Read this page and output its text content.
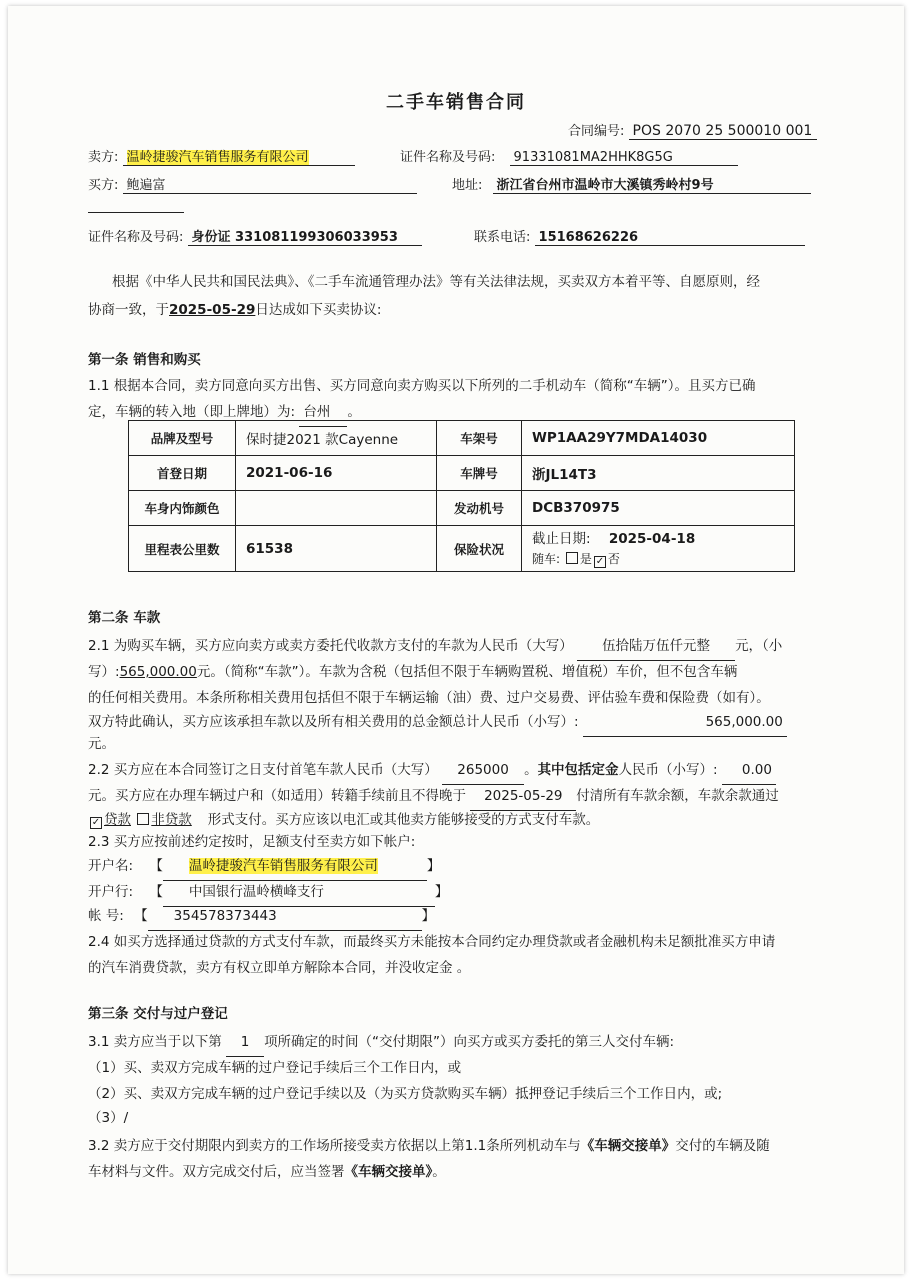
二手车销售合同
合同编号: POS 2070 25 500010 001
卖方: 温岭捷骏汽车销售服务有限公司	证件名称及号码: 91331081MA2HHK8G5G
买方: 鲍遍富	地址: 浙江省台州市温岭市大溪镇秀岭村9号
证件名称及号码: 身份证 331081199306033953	联系电话: 15168626226
根据《中华人民共和国民法典》、《二手车流通管理办法》等有关法律法规，买卖双方本着平等、自愿原则，经
协商一致，于2025-05-29日达成如下买卖协议:
第一条 销售和购买
1.1 根据本合同，卖方同意向买方出售、买方同意向卖方购买以下所列的二手机动车（简称“车辆”）。且买方已确
定，车辆的转入地（即上牌地）为: 台州 。
品牌及型号	保时捷2021 款Cayenne	车架号	WP1AA29Y7MDA14030
首登日期	2021-06-16	车牌号	浙JL14T3
车身内饰颜色		发动机号	DCB370975
里程表公里数	61538	保险状况	截止日期: 2025-04-18
随车: 是 ✓ 否
第二条 车款
2.1 为购买车辆，买方应向卖方或卖方委托代收款方支付的车款为人民币（大写） 伍拾陆万伍仟元整 元，（小
写）:565,000.00元。（简称“车款”）。车款为含税（包括但不限于车辆购置税、增值税）车价，但不包含车辆
的任何相关费用。本条所称相关费用包括但不限于车辆运输（油）费、过户交易费、评估验车费和保险费（如有）。
双方特此确认，买方应该承担车款以及所有相关费用的总金额总计人民币（小写）:	565,000.00
元。
2.2 买方应在本合同签订之日支付首笔车款人民币（大写） 265000 。其中包括定金人民币（小写）: 0.00
元。买方应在办理车辆过户和（如适用）转籍手续前且不得晚于 2025-05-29 付清所有车款余额，车款余款通过
✓ 贷款 非贷款 形式支付。买方应该以电汇或其他卖方能够接受的方式支付车款。
2.3 买方应按前述约定按时，足额支付至卖方如下帐户:
开户名: 【 温岭捷骏汽车销售服务有限公司	】
开户行: 【 中国银行温岭横峰支行	】
帐 号: 【 354578373443	】
2.4 如买方选择通过贷款的方式支付车款，而最终买方未能按本合同约定办理贷款或者金融机构未足额批准买方申请
的汽车消费贷款，卖方有权立即单方解除本合同，并没收定金 。
第三条 交付与过户登记
3.1 卖方应当于以下第 1 项所确定的时间（“交付期限”）向买方或买方委托的第三人交付车辆:
（1）买、卖双方完成车辆的过户登记手续后三个工作日内，或
（2）买、卖双方完成车辆的过户登记手续以及（为买方贷款购买车辆）抵押登记手续后三个工作日内，或;
（3）/
3.2 卖方应于交付期限内到卖方的工作场所接受卖方依据以上第1.1条所列机动车与《车辆交接单》交付的车辆及随
车材料与文件。双方完成交付后，应当签署《车辆交接单》。
